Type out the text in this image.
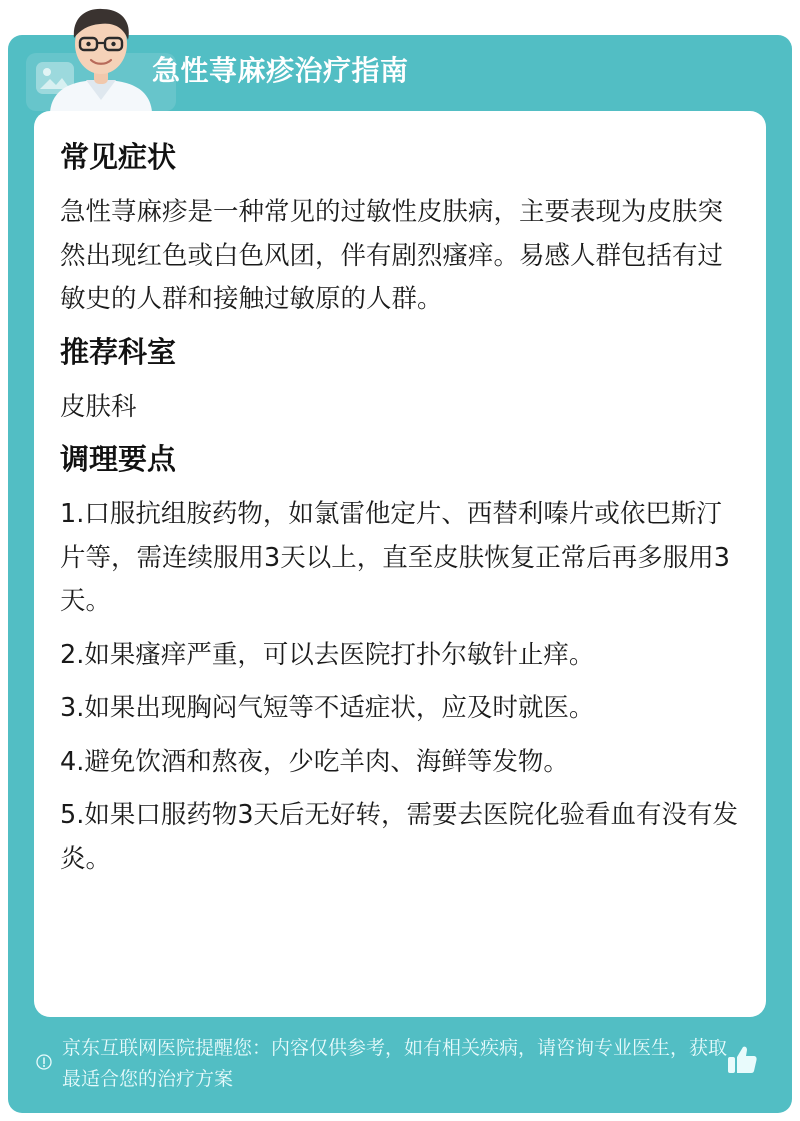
急性荨麻疹治疗指南
常见症状

急性荨麻疹是一种常见的过敏性皮肤病，主要表现为皮肤突然出现红色或白色风团，伴有剧烈瘙痒。易感人群包括有过敏史的人群和接触过敏原的人群。

推荐科室

皮肤科

调理要点

1.口服抗组胺药物，如氯雷他定片、西替利嗪片或依巴斯汀片等，需连续服用3天以上，直至皮肤恢复正常后再多服用3天。

2.如果瘙痒严重，可以去医院打扑尔敏针止痒。

3.如果出现胸闷气短等不适症状，应及时就医。

4.避免饮酒和熬夜，少吃羊肉、海鲜等发物。

5.如果口服药物3天后无好转，需要去医院化验看血有没有发炎。

京东互联网医院提醒您：内容仅供参考，如有相关疾病，请咨询专业医生，获取最适合您的治疗方案
